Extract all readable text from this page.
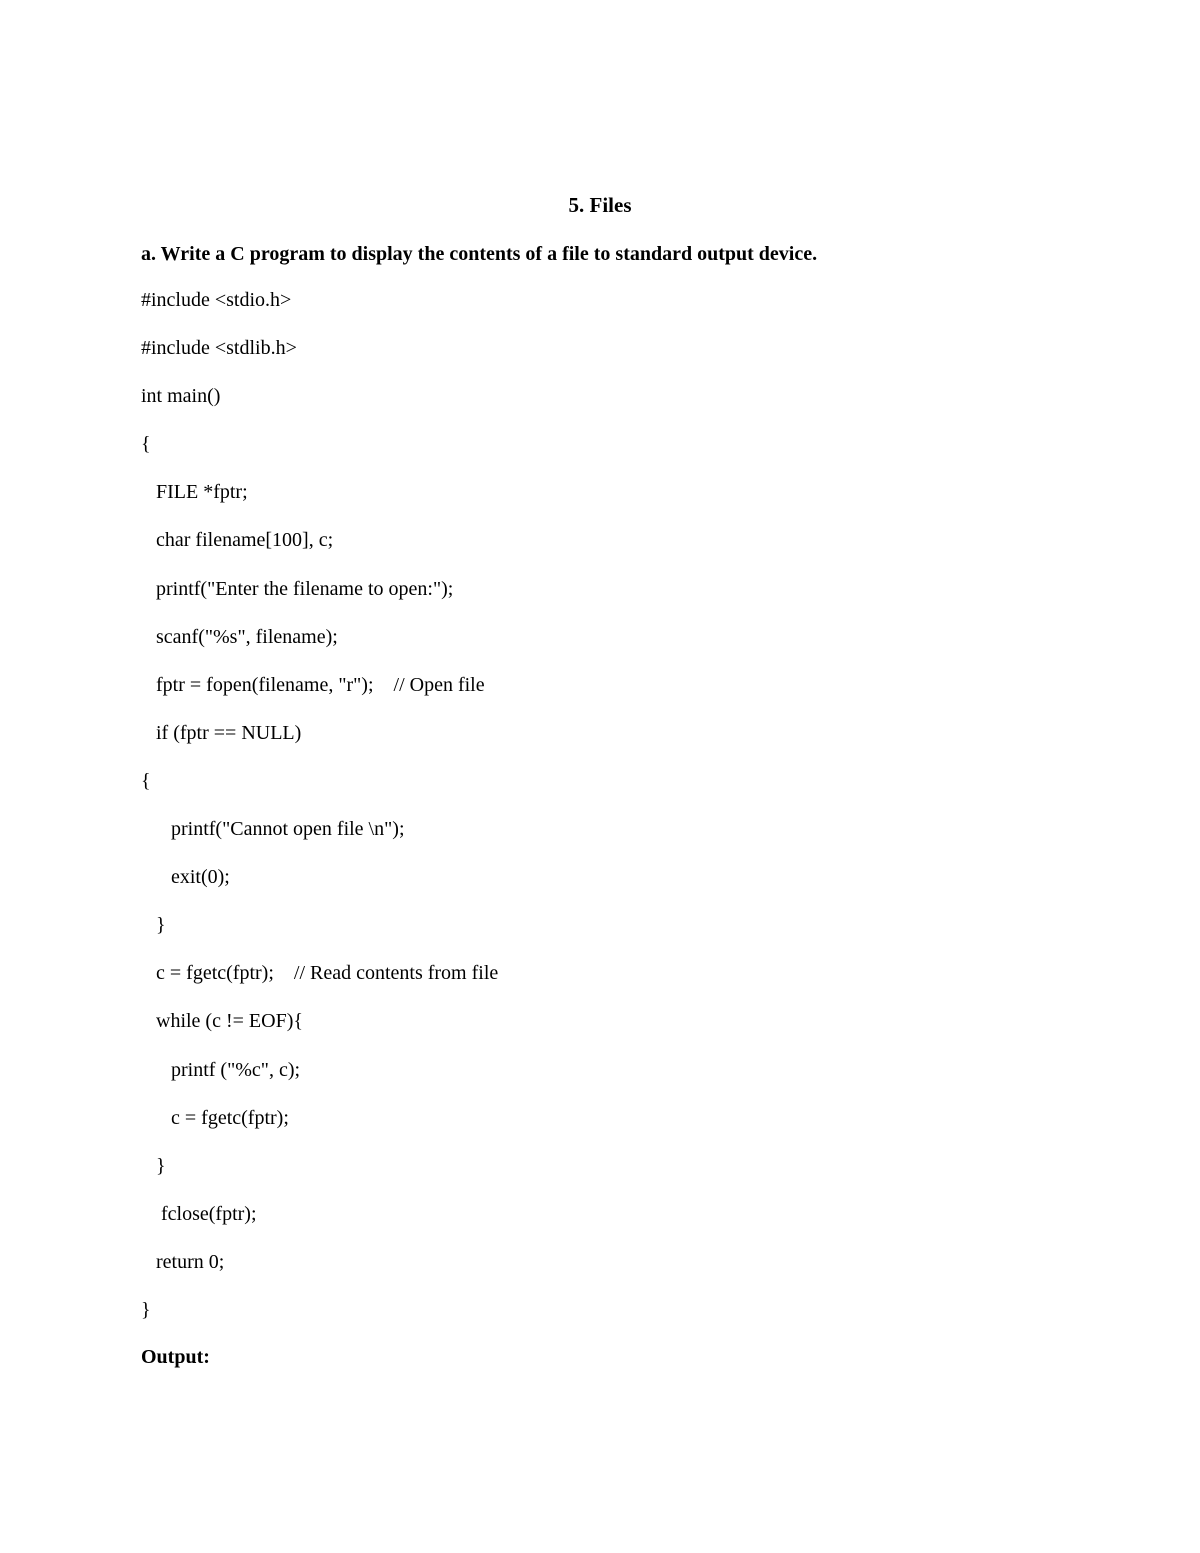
5. Files
a. Write a C program to display the contents of a file to standard output device.
#include <stdio.h>
#include <stdlib.h>
int main()
{
FILE *fptr;
char filename[100], c;
printf("Enter the filename to open:");
scanf("%s", filename);
fptr = fopen(filename, "r");    // Open file
if (fptr == NULL)
{
printf("Cannot open file \n");
exit(0);
}
c = fgetc(fptr);    // Read contents from file
while (c != EOF){
printf ("%c", c);
c = fgetc(fptr);
}
fclose(fptr);
return 0;
}
Output:
